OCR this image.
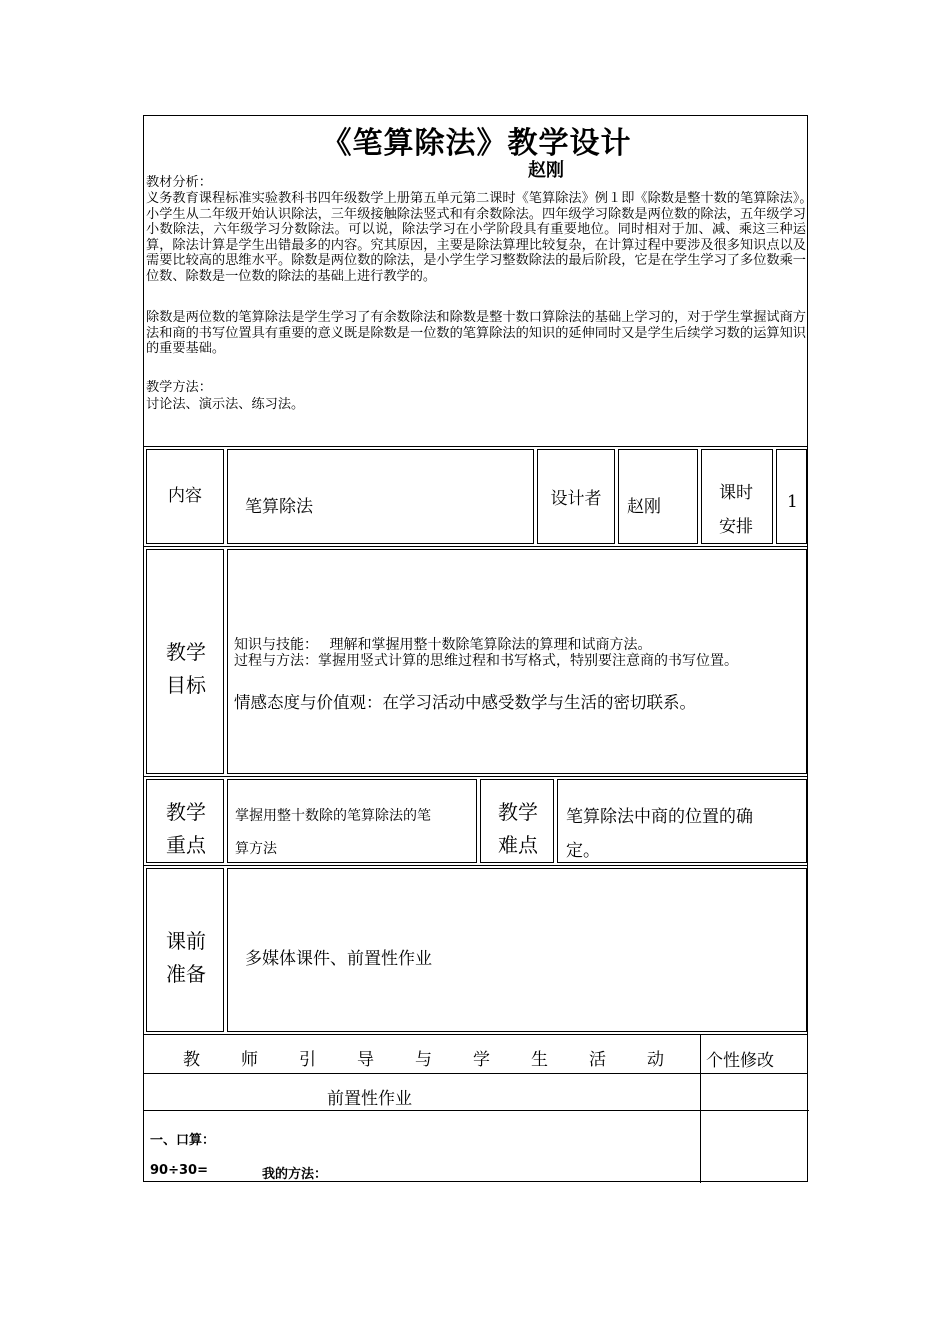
《笔算除法》教学设计
赵刚
教材分析：
义务教育课程标准实验教科书四年级数学上册第五单元第二课时《笔算除法》例１即《除数是整十数的笔算除法》。　小学生从二年级开始认识除法，三年级接触除法竖式和有余数除法。四年级学习除数是两位数的除法，五年级学习小数除法，六年级学习分数除法。可以说，除法学习在小学阶段具有重要地位。同时相对于加、减、乘这三种运算，除法计算是学生出错最多的内容。究其原因，主要是除法算理比较复杂，在计算过程中要涉及很多知识点以及需要比较高的思维水平。除数是两位数的除法，是小学生学习整数除法的最后阶段，它是在学生学习了多位数乘一位数、除数是一位数的除法的基础上进行教学的。
除数是两位数的笔算除法是学生学习了有余数除法和除数是整十数口算除法的基础上学习的，对于学生掌握试商方法和商的书写位置具有重要的意义既是除数是一位数的笔算除法的知识的延伸同时又是学生后续学习数的运算知识的重要基础。
教学方法：
讨论法、演示法、练习法。
内容
笔算除法	设计者 赵刚
课时
安排
1
教学
目标
知识与技能：　 理解和掌握用整十数除笔算除法的算理和试商方法。
过程与方法：掌握用竖式计算的思维过程和书写格式，特别要注意商的书写位置。
情感态度与价值观：在学习活动中感受数学与生活的密切联系。
教学
重点
掌握用整十数除的笔算除法的笔
算方法
教学
难点
笔算除法中商的位置的确
定。
课前
准备
多媒体课件、前置性作业
教 师 引 导 与 学 生 活 动 个性修改
前置性作业
一、口算：
90÷30=	我的方法：
